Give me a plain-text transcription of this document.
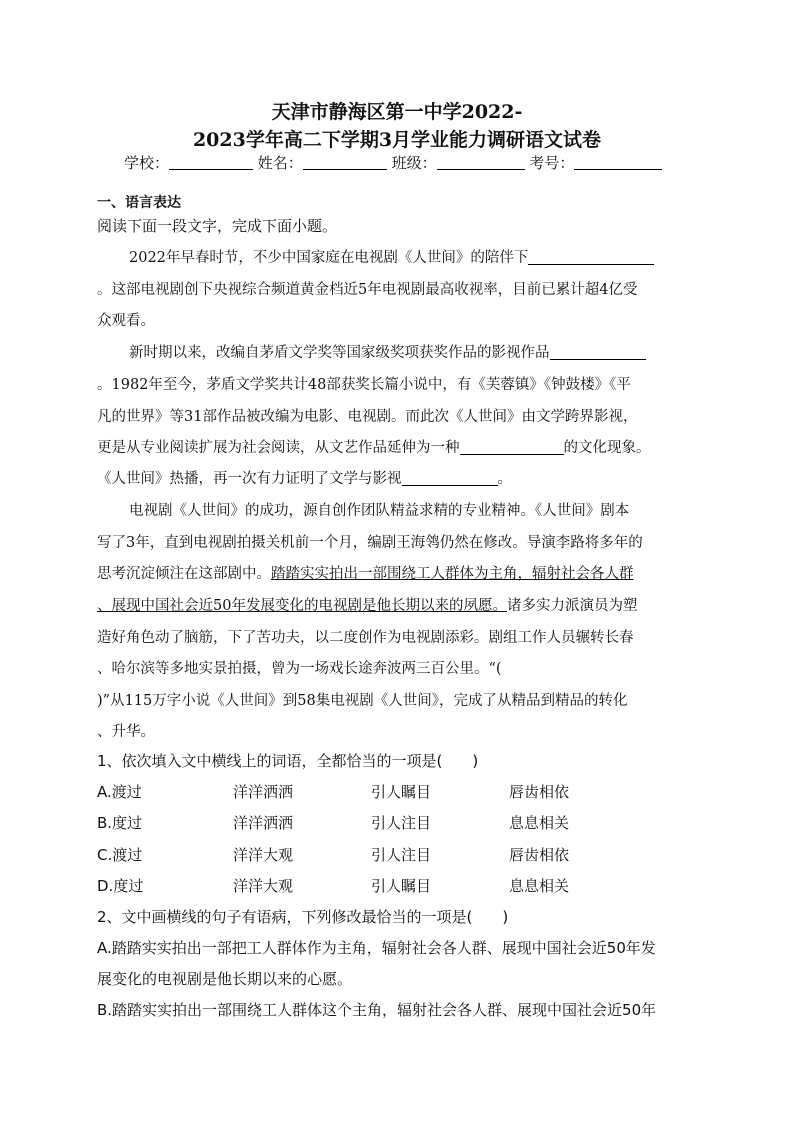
天津市静海区第一中学2022-
2023学年高二下学期3月学业能力调研语文试卷
学校：	姓名：	班级：	考号：
一、语言表达
阅读下面一段文字，完成下面小题。
2022年早春时节，不少中国家庭在电视剧《人世间》的陪伴下
。这部电视剧创下央视综合频道黄金档近5年电视剧最高收视率，目前已累计超4亿受
众观看。
新时期以来，改编自茅盾文学奖等国家级奖项获奖作品的影视作品
。1982年至今，茅盾文学奖共计48部获奖长篇小说中，有《芙蓉镇》《钟鼓楼》《平
凡的世界》等31部作品被改编为电影、电视剧。而此次《人世间》由文学跨界影视，
更是从专业阅读扩展为社会阅读，从文艺作品延伸为一种	的文化现象。
《人世间》热播，再一次有力证明了文学与影视	。
电视剧《人世间》的成功，源自创作团队精益求精的专业精神。《人世间》剧本
写了3年，直到电视剧拍摄关机前一个月，编剧王海鸰仍然在修改。导演李路将多年的
思考沉淀倾注在这部剧中。踏踏实实拍出一部围绕工人群体为主角，辐射社会各人群
、展现中国社会近50年发展变化的电视剧是他长期以来的夙愿。诸多实力派演员为塑
造好角色动了脑筋，下了苦功夫，以二度创作为电视剧添彩。剧组工作人员辗转长春
、哈尔滨等多地实景拍摄，曾为一场戏长途奔波两三百公里。“(
)”从115万字小说《人世间》到58集电视剧《人世间》，完成了从精品到精品的转化
、升华。
1、依次填入文中横线上的词语，全都恰当的一项是(　　)
A.渡过	洋洋洒洒	引人瞩目	唇齿相依
B.度过	洋洋洒洒	引人注目	息息相关
C.渡过	洋洋大观	引人注目	唇齿相依
D.度过	洋洋大观	引人瞩目	息息相关
2、文中画横线的句子有语病，下列修改最恰当的一项是(　　)
A.踏踏实实拍出一部把工人群体作为主角，辐射社会各人群、展现中国社会近50年发
展变化的电视剧是他长期以来的心愿。
B.踏踏实实拍出一部围绕工人群体这个主角，辐射社会各人群、展现中国社会近50年
